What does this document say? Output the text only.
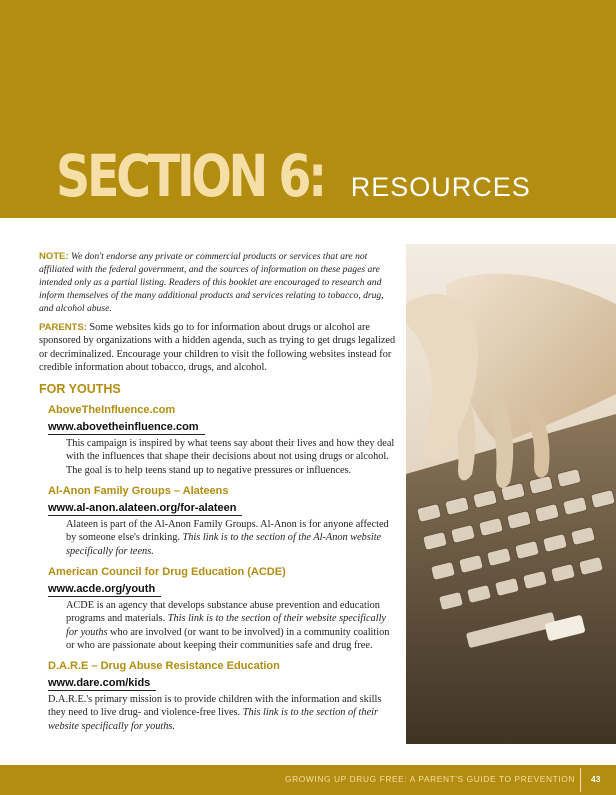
SECTION 6: RESOURCES

NOTE: We don't endorse any private or commercial products or services that are not affiliated with the federal government, and the sources of information on these pages are intended only as a partial listing. Readers of this booklet are encouraged to research and inform themselves of the many additional products and services relating to tobacco, drug, and alcohol abuse.

PARENTS: Some websites kids go to for information about drugs or alcohol are sponsored by organizations with a hidden agenda, such as trying to get drugs legalized or decriminalized. Encourage your children to visit the following websites instead for credible information about tobacco, drugs, and alcohol.

FOR YOUTHS
AboveTheInfluence.com
www.abovetheinfluence.com

This campaign is inspired by what teens say about their lives and how they deal with the influences that shape their decisions about not using drugs or alcohol. The goal is to help teens stand up to negative pressures or influences.

Al-Anon Family Groups – Alateens
www.al-anon.alateen.org/for-alateen

Alateen is part of the Al-Anon Family Groups. Al-Anon is for anyone affected by someone else's drinking. This link is to the section of the Al-Anon website specifically for teens.

American Council for Drug Education (ACDE)
www.acde.org/youth

ACDE is an agency that develops substance abuse prevention and education programs and materials. This link is to the section of their website specifically for youths who are involved (or want to be involved) in a community coalition or who are passionate about keeping their communities safe and drug free.

D.A.R.E – Drug Abuse Resistance Education
www.dare.com/kids

D.A.R.E.'s primary mission is to provide children with the information and skills they need to live drug- and violence-free lives. This link is to the section of their website specifically for youths.

GROWING UP DRUG FREE: A PARENT'S GUIDE TO PREVENTION 43
